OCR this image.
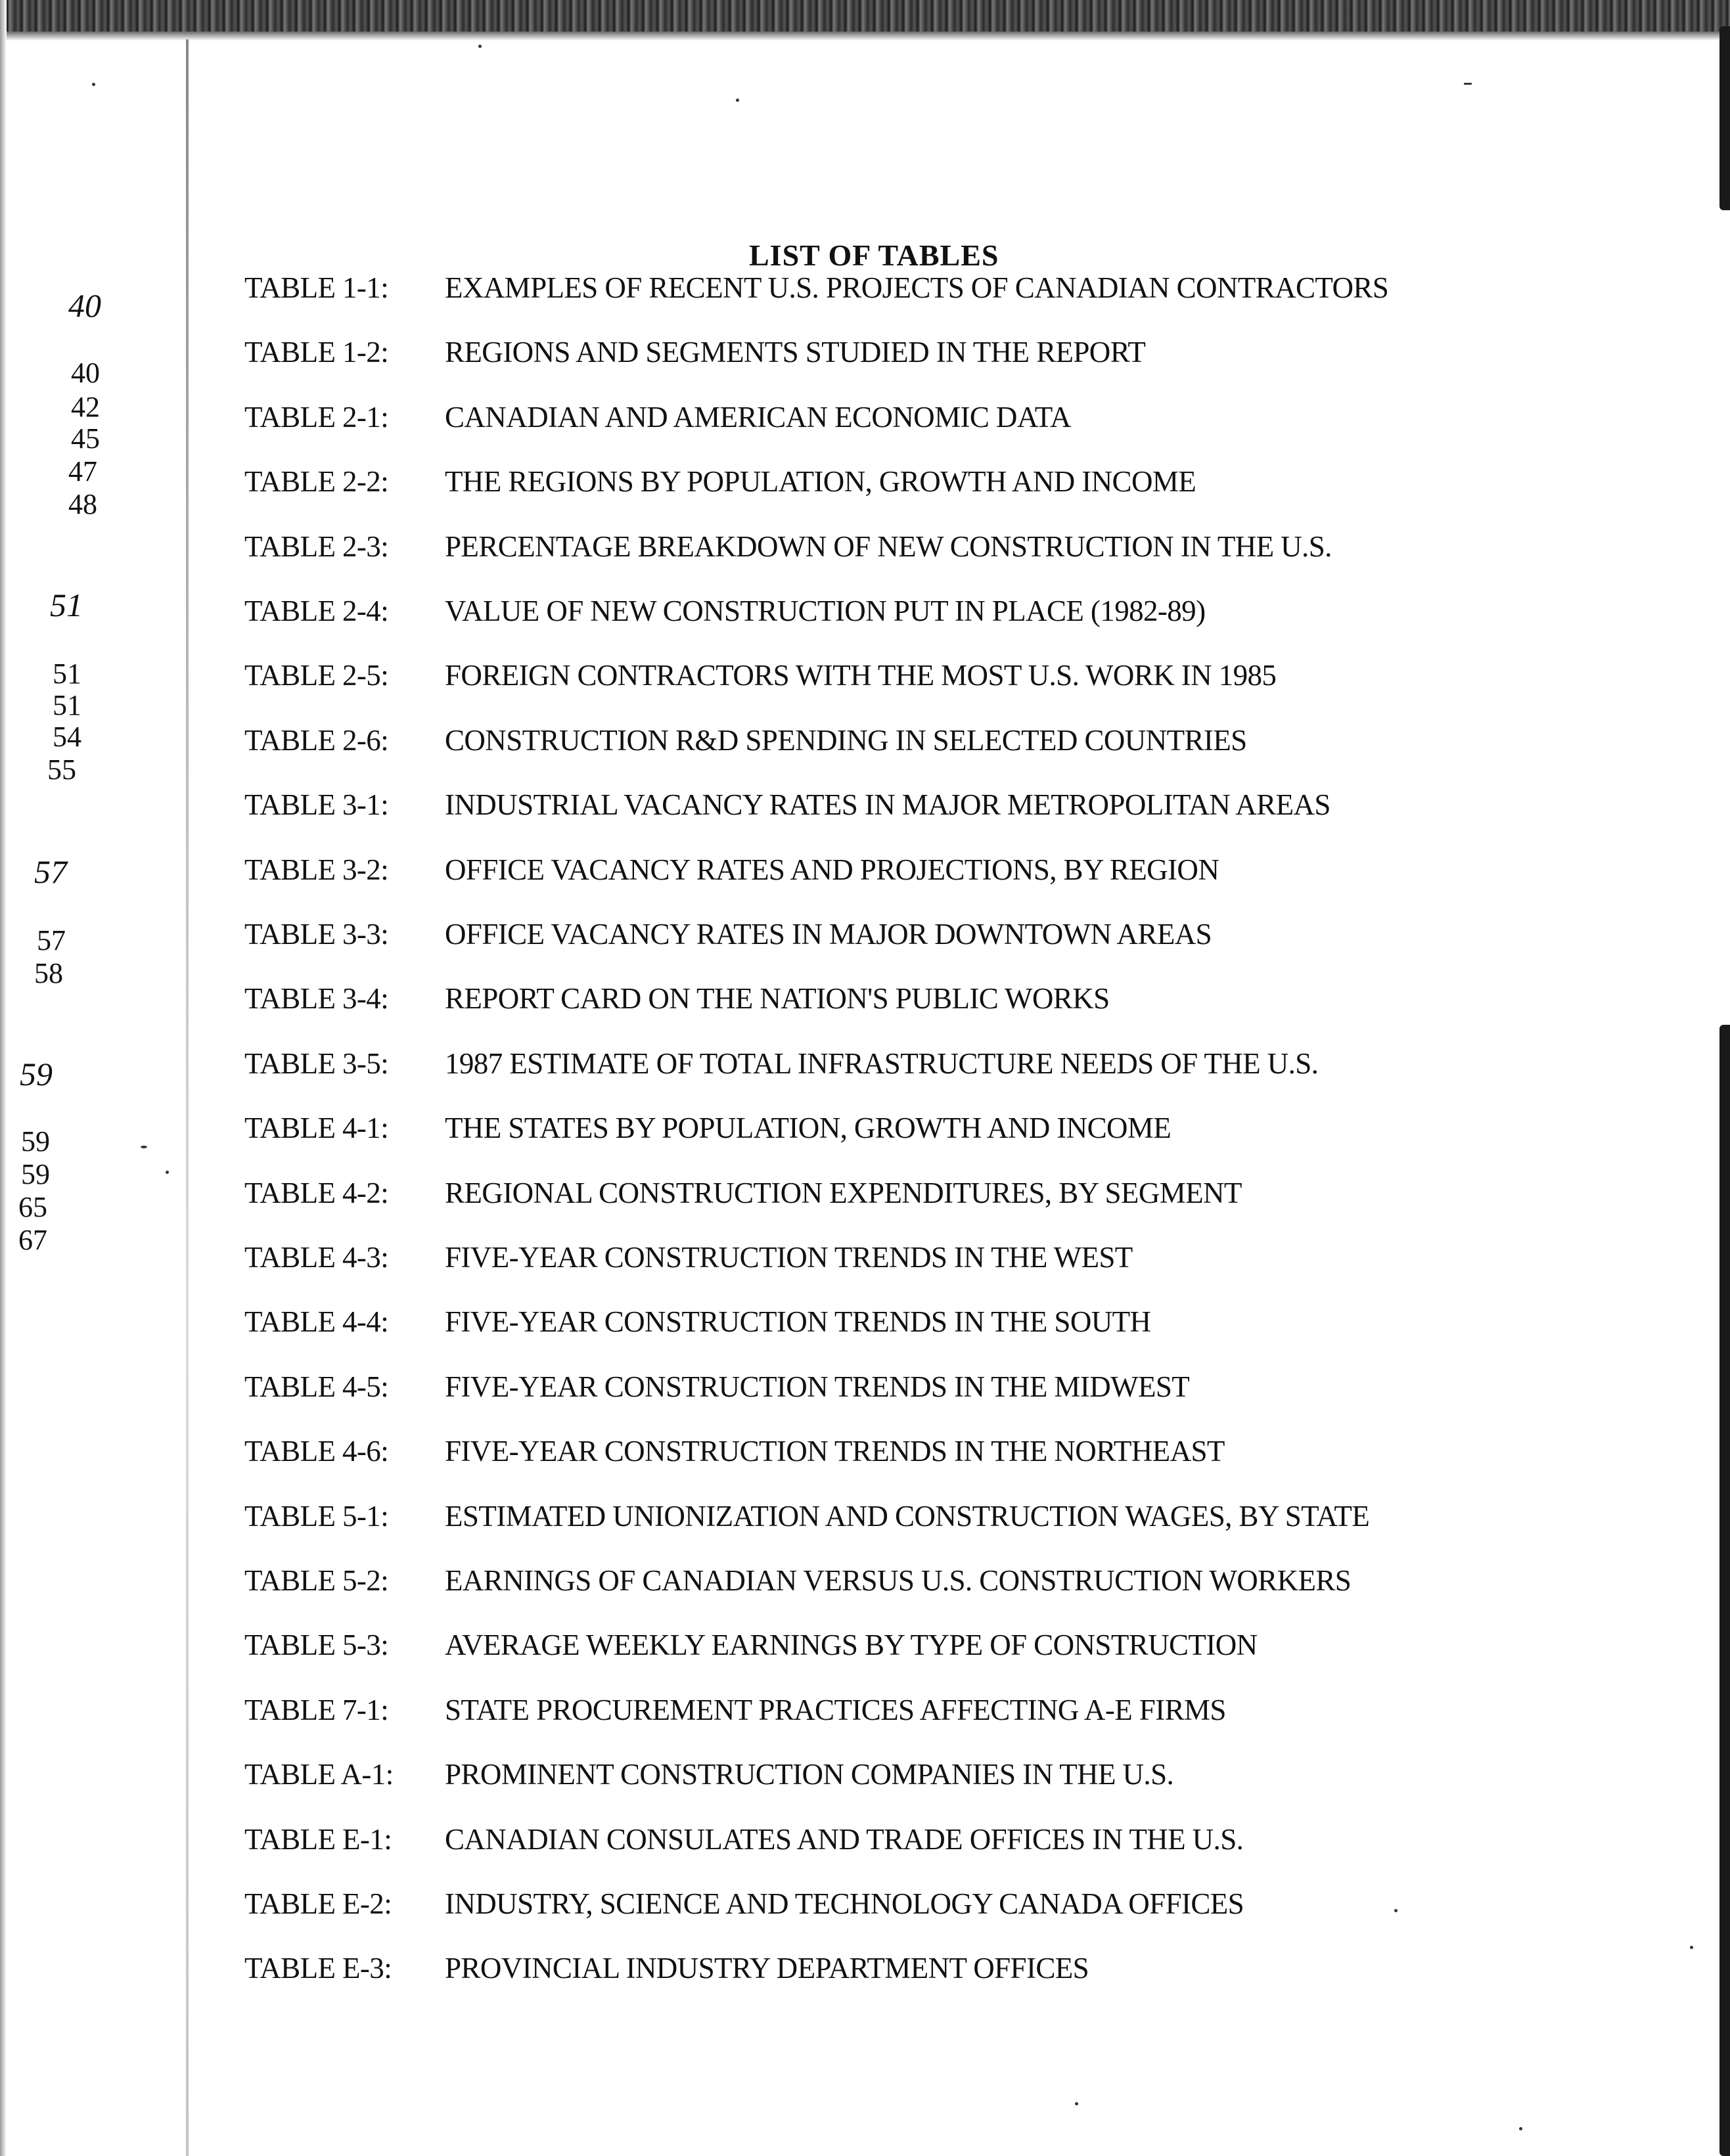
LIST OF TABLES
40
40
42
45
47
48
51
51
51
54
55
57
57
58
59
59
59
65
67
TABLE 1-1: EXAMPLES OF RECENT U.S. PROJECTS OF CANADIAN CONTRACTORS
TABLE 1-2: REGIONS AND SEGMENTS STUDIED IN THE REPORT
TABLE 2-1: CANADIAN AND AMERICAN ECONOMIC DATA
TABLE 2-2: THE REGIONS BY POPULATION, GROWTH AND INCOME
TABLE 2-3: PERCENTAGE BREAKDOWN OF NEW CONSTRUCTION IN THE U.S.
TABLE 2-4: VALUE OF NEW CONSTRUCTION PUT IN PLACE (1982-89)
TABLE 2-5: FOREIGN CONTRACTORS WITH THE MOST U.S. WORK IN 1985
TABLE 2-6: CONSTRUCTION R&D SPENDING IN SELECTED COUNTRIES
TABLE 3-1: INDUSTRIAL VACANCY RATES IN MAJOR METROPOLITAN AREAS
TABLE 3-2: OFFICE VACANCY RATES AND PROJECTIONS, BY REGION
TABLE 3-3: OFFICE VACANCY RATES IN MAJOR DOWNTOWN AREAS
TABLE 3-4: REPORT CARD ON THE NATION'S PUBLIC WORKS
TABLE 3-5: 1987 ESTIMATE OF TOTAL INFRASTRUCTURE NEEDS OF THE U.S.
TABLE 4-1: THE STATES BY POPULATION, GROWTH AND INCOME
TABLE 4-2: REGIONAL CONSTRUCTION EXPENDITURES, BY SEGMENT
TABLE 4-3: FIVE-YEAR CONSTRUCTION TRENDS IN THE WEST
TABLE 4-4: FIVE-YEAR CONSTRUCTION TRENDS IN THE SOUTH
TABLE 4-5: FIVE-YEAR CONSTRUCTION TRENDS IN THE MIDWEST
TABLE 4-6: FIVE-YEAR CONSTRUCTION TRENDS IN THE NORTHEAST
TABLE 5-1: ESTIMATED UNIONIZATION AND CONSTRUCTION WAGES, BY STATE
TABLE 5-2: EARNINGS OF CANADIAN VERSUS U.S. CONSTRUCTION WORKERS
TABLE 5-3: AVERAGE WEEKLY EARNINGS BY TYPE OF CONSTRUCTION
TABLE 7-1: STATE PROCUREMENT PRACTICES AFFECTING A-E FIRMS
TABLE A-1: PROMINENT CONSTRUCTION COMPANIES IN THE U.S.
TABLE E-1: CANADIAN CONSULATES AND TRADE OFFICES IN THE U.S.
TABLE E-2: INDUSTRY, SCIENCE AND TECHNOLOGY CANADA OFFICES
TABLE E-3: PROVINCIAL INDUSTRY DEPARTMENT OFFICES
